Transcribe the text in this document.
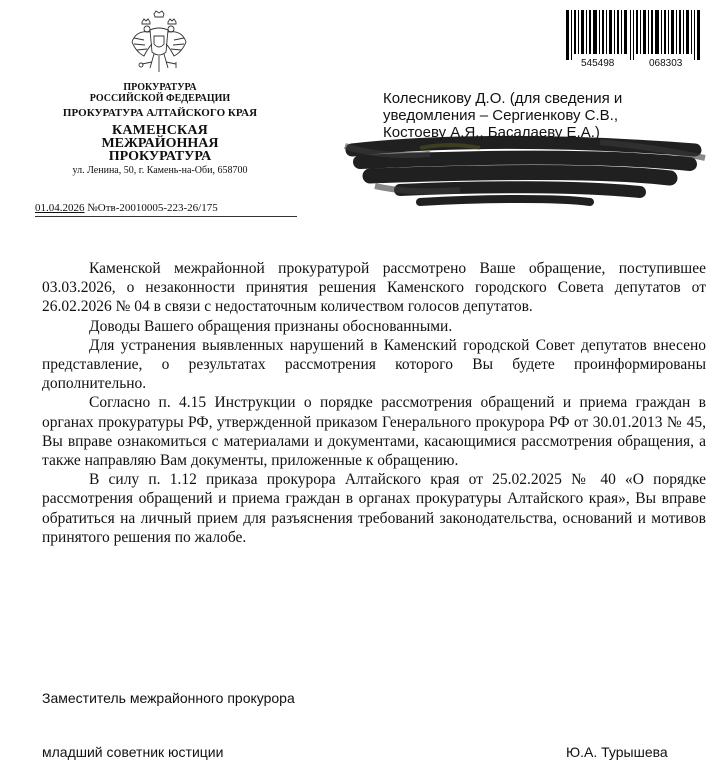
ПРОКУРАТУРА
РОССИЙСКОЙ ФЕДЕРАЦИИ
ПРОКУРАТУРА АЛТАЙСКОГО КРАЯ
КАМЕНСКАЯ
МЕЖРАЙОННАЯ
ПРОКУРАТУРА
ул. Ленина, 50, г. Камень-на-Оби, 658700
01.04.2026 №Отв-20010005-223-26/175
545498	068303
Колесникову Д.О. (для сведения и уведомления – Сергиенкову С.В., Костоеву А.Я., Басалаеву Е.А.)

Каменской межрайонной прокуратурой рассмотрено Ваше обращение, поступившее 03.03.2026, о незаконности принятия решения Каменского городского Совета депутатов от 26.02.2026 № 04 в связи с недостаточным количеством голосов депутатов.

Доводы Вашего обращения признаны обоснованными.

Для устранения выявленных нарушений в Каменский городской Совет депутатов внесено представление, о результатах рассмотрения которого Вы будете проинформированы дополнительно.

Согласно п. 4.15 Инструкции о порядке рассмотрения обращений и приема граждан в органах прокуратуры РФ, утвержденной приказом Генерального прокурора РФ от 30.01.2013 № 45, Вы вправе ознакомиться с материалами и документами, касающимися рассмотрения обращения, а также направляю Вам документы, приложенные к обращению.

В силу п. 1.12 приказа прокурора Алтайского края от 25.02.2025 № 40 «О порядке рассмотрения обращений и приема граждан в органах прокуратуры Алтайского края», Вы вправе обратиться на личный прием для разъяснения требований законодательства, оснований и мотивов принятого решения по жалобе.

Заместитель межрайонного прокурора
младший советник юстиции	Ю.А. Турышева
